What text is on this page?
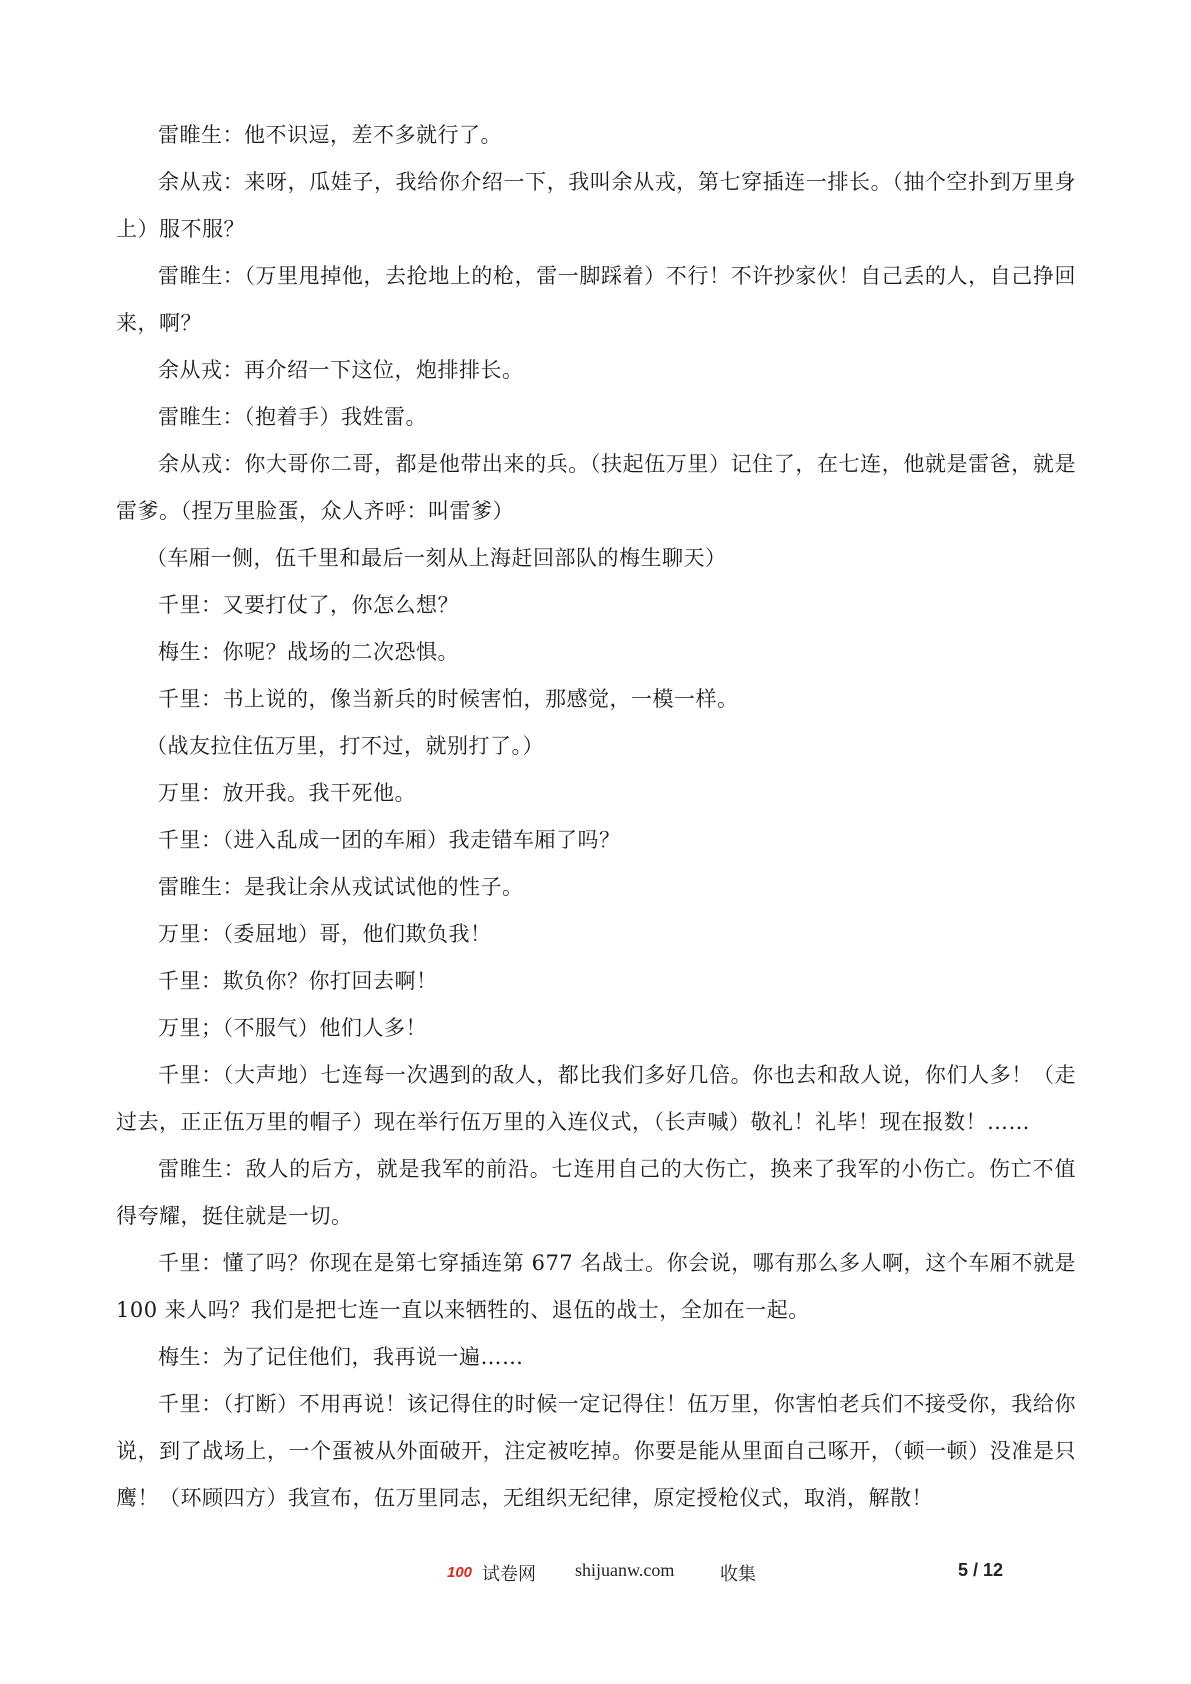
雷睢生：他不识逗，差不多就行了。

余从戎：来呀，瓜娃子，我给你介绍一下，我叫余从戎，第七穿插连一排长。（抽个空扑到万里身上）服不服？

雷睢生：（万里甩掉他，去抢地上的枪，雷一脚踩着）不行！不许抄家伙！自己丢的人，自己挣回来，啊？

余从戎：再介绍一下这位，炮排排长。

雷睢生：（抱着手）我姓雷。

余从戎：你大哥你二哥，都是他带出来的兵。（扶起伍万里）记住了，在七连，他就是雷爸，就是雷爹。（捏万里脸蛋，众人齐呼：叫雷爹）

（车厢一侧，伍千里和最后一刻从上海赶回部队的梅生聊天）

千里：又要打仗了，你怎么想？

梅生：你呢？战场的二次恐惧。

千里：书上说的，像当新兵的时候害怕，那感觉，一模一样。

（战友拉住伍万里，打不过，就别打了。）

万里：放开我。我干死他。

千里：（进入乱成一团的车厢）我走错车厢了吗？

雷睢生：是我让余从戎试试他的性子。

万里：（委屈地）哥，他们欺负我！

千里：欺负你？你打回去啊！

万里；（不服气）他们人多！

千里：（大声地）七连每一次遇到的敌人，都比我们多好几倍。你也去和敌人说，你们人多！（走过去，正正伍万里的帽子）现在举行伍万里的入连仪式，（长声喊）敬礼！礼毕！现在报数！……

雷睢生：敌人的后方，就是我军的前沿。七连用自己的大伤亡，换来了我军的小伤亡。伤亡不值得夸耀，挺住就是一切。

千里：懂了吗？你现在是第七穿插连第 677 名战士。你会说，哪有那么多人啊，这个车厢不就是 100 来人吗？我们是把七连一直以来牺牲的、退伍的战士，全加在一起。

梅生：为了记住他们，我再说一遍……

千里：（打断）不用再说！该记得住的时候一定记得住！伍万里，你害怕老兵们不接受你，我给你说，到了战场上，一个蛋被从外面破开，注定被吃掉。你要是能从里面自己啄开，（顿一顿）没准是只鹰！（环顾四方）我宣布，伍万里同志，无组织无纪律，原定授枪仪式，取消，解散！

100 试卷网 shijuanw.com	收集	5 / 12
